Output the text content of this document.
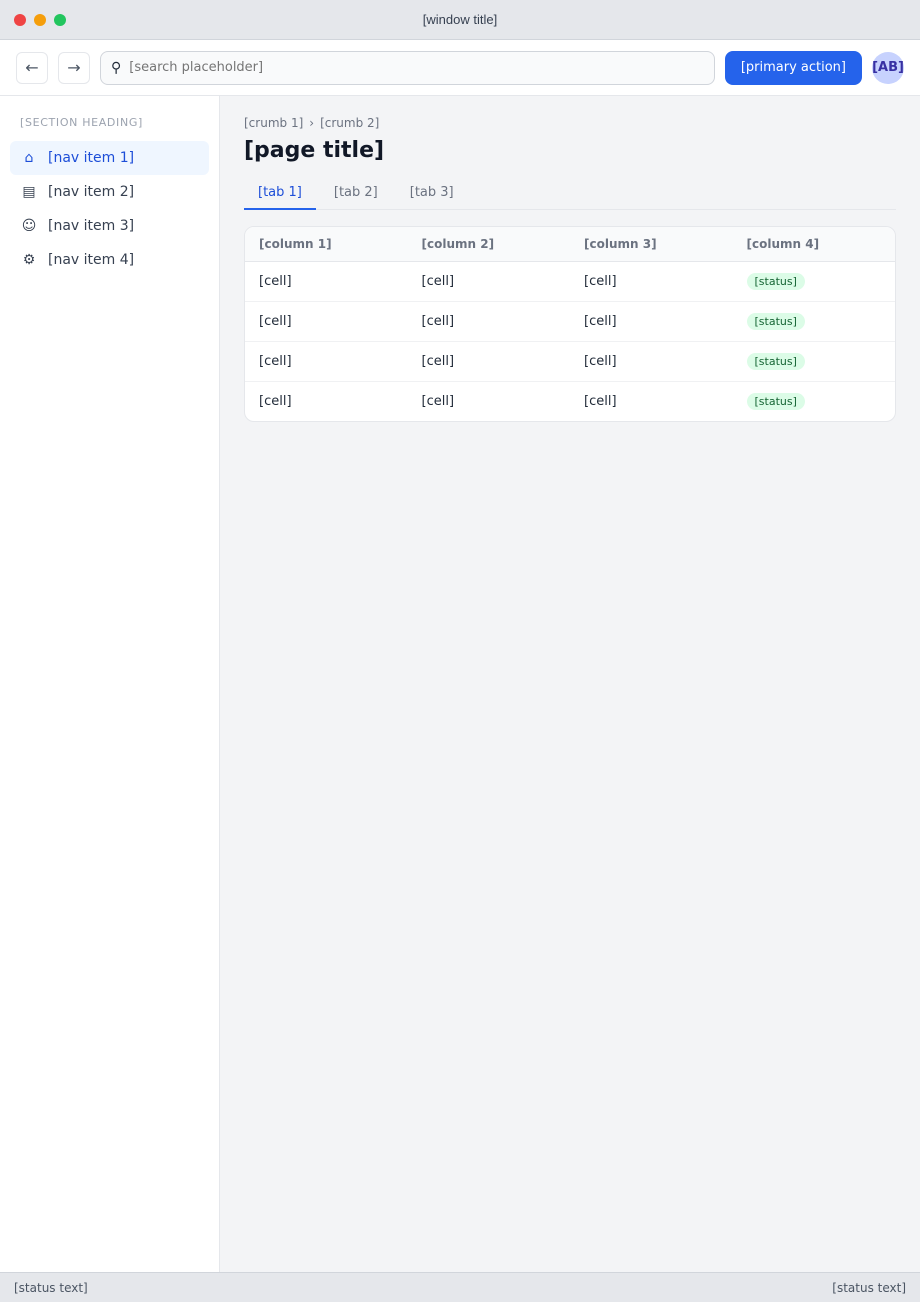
[window title]
← → ⚲
[search placeholder]	[primary action]	[AB]
[SECTION HEADING]
⌂	[nav item 1]
▤ [nav item 2]
☺ [nav item 3]
⚙ [nav item 4]
[crumb 1] › [crumb 2]
[page title]
[tab 1]	[tab 2]	[tab 3]
[column 1]	[column 2]	[column 3]	[column 4]
[cell]	[cell]	[cell]	[status]
[cell]	[cell]	[cell]	[status]
[cell]	[cell]	[cell]	[status]
[cell]	[cell]	[cell]	[status]
[status text]	[status text]
